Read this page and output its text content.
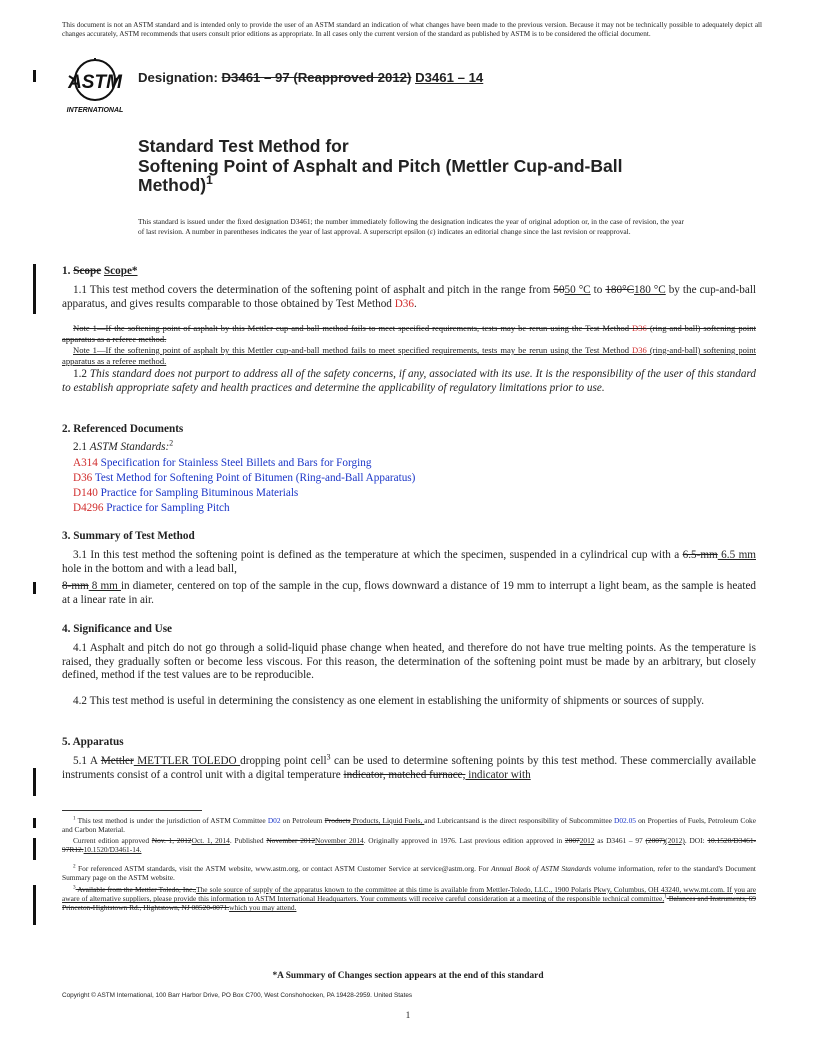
This document is not an ASTM standard and is intended only to provide the user of an ASTM standard an indication of what changes have been made to the previous version. Because it may not be technically possible to adequately depict all changes accurately, ASTM recommends that users consult prior editions as appropriate. In all cases only the current version of the standard as published by ASTM is to be considered the official document.
ASTM
INTERNATIONAL
Designation: D3461 – 97 (Reapproved 2012) D3461 – 14
Standard Test Method for
Softening Point of Asphalt and Pitch (Mettler Cup-and-Ball
Method)$^1$
This standard is issued under the fixed designation D3461; the number immediately following the designation indicates the year of original adoption or, in the case of revision, the year of last revision. A number in parentheses indicates the year of last approval. A superscript epsilon (ε) indicates an editorial change since the last revision or reapproval.
1. Scope Scope*
1.1 This test method covers the determination of the softening point of asphalt and pitch in the range from 5050 °C to 180°C180 °C by the cup-and-ball apparatus, and gives results comparable to those obtained by Test Method D36.
Note 1—If the softening point of asphalt by this Mettler cup-and-ball method fails to meet specified requirements, tests may be rerun using the Test Method D36 (ring-and-ball) softening point apparatus as a referee method.
Note 1—If the softening point of asphalt by this Mettler cup-and-ball method fails to meet specified requirements, tests may be rerun using the Test Method D36 (ring-and-ball) softening point apparatus as a referee method.
1.2 This standard does not purport to address all of the safety concerns, if any, associated with its use. It is the responsibility of the user of this standard to establish appropriate safety and health practices and determine the applicability of regulatory limitations prior to use.
2. Referenced Documents
2.1 ASTM Standards:$^2$
A314 Specification for Stainless Steel Billets and Bars for Forging
D36 Test Method for Softening Point of Bitumen (Ring-and-Ball Apparatus)
D140 Practice for Sampling Bituminous Materials
D4296 Practice for Sampling Pitch
3. Summary of Test Method
3.1 In this test method the softening point is defined as the temperature at which the specimen, suspended in a cylindrical cup with a 6.5-mm 6.5 mm hole in the bottom and with a lead ball,
8-mm 8 mm in diameter, centered on top of the sample in the cup, flows downward a distance of 19 mm to interrupt a light beam, as the sample is heated at a linear rate in air.
4. Significance and Use
4.1 Asphalt and pitch do not go through a solid-liquid phase change when heated, and therefore do not have true melting points. As the temperature is raised, they gradually soften or become less viscous. For this reason, the determination of the softening point must be made by an arbitrary, but closely defined, method if the test values are to be reproducible.
4.2 This test method is useful in determining the consistency as one element in establishing the uniformity of shipments or sources of supply.
5. Apparatus
5.1 A Mettler METTLER TOLEDO dropping point cell$^3$ can be used to determine softening points by this test method. These commercially available instruments consist of a control unit with a digital temperature indicator, matched furnace, indicator with
$^1$ This test method is under the jurisdiction of ASTM Committee D02 on Petroleum Products Products, Liquid Fuels, and Lubricantsand is the direct responsibility of Subcommittee D02.05 on Properties of Fuels, Petroleum Coke and Carbon Material.
Current edition approved Nov. 1, 2012Oct. 1, 2014. Published November 2012November 2014. Originally approved in 1976. Last previous edition approved in 20072012 as D3461 – 97 (2007)(2012). DOI: 10.1520/D3461-97R12.10.1520/D3461-14.
$^2$ For referenced ASTM standards, visit the ASTM website, www.astm.org, or contact ASTM Customer Service at service@astm.org. For Annual Book of ASTM Standards volume information, refer to the standard's Document Summary page on the ASTM website.
$^3$ Available from the Mettler Toledo, Inc.,The sole source of supply of the apparatus known to the committee at this time is available from Mettler-Toledo, LLC., 1900 Polaris Pkwy, Columbus, OH 43240, www.mt.com. If you are aware of alternative suppliers, please provide this information to ASTM International Headquarters. Your comments will receive careful consideration at a meeting of the responsible technical committee,$^1$ Balances and Instruments, 69 Princeton-Hightstown Rd., Hightstown, NJ 08520-0071.which you may attend.
*A Summary of Changes section appears at the end of this standard
Copyright © ASTM International, 100 Barr Harbor Drive, PO Box C700, West Conshohocken, PA 19428-2959. United States
1
